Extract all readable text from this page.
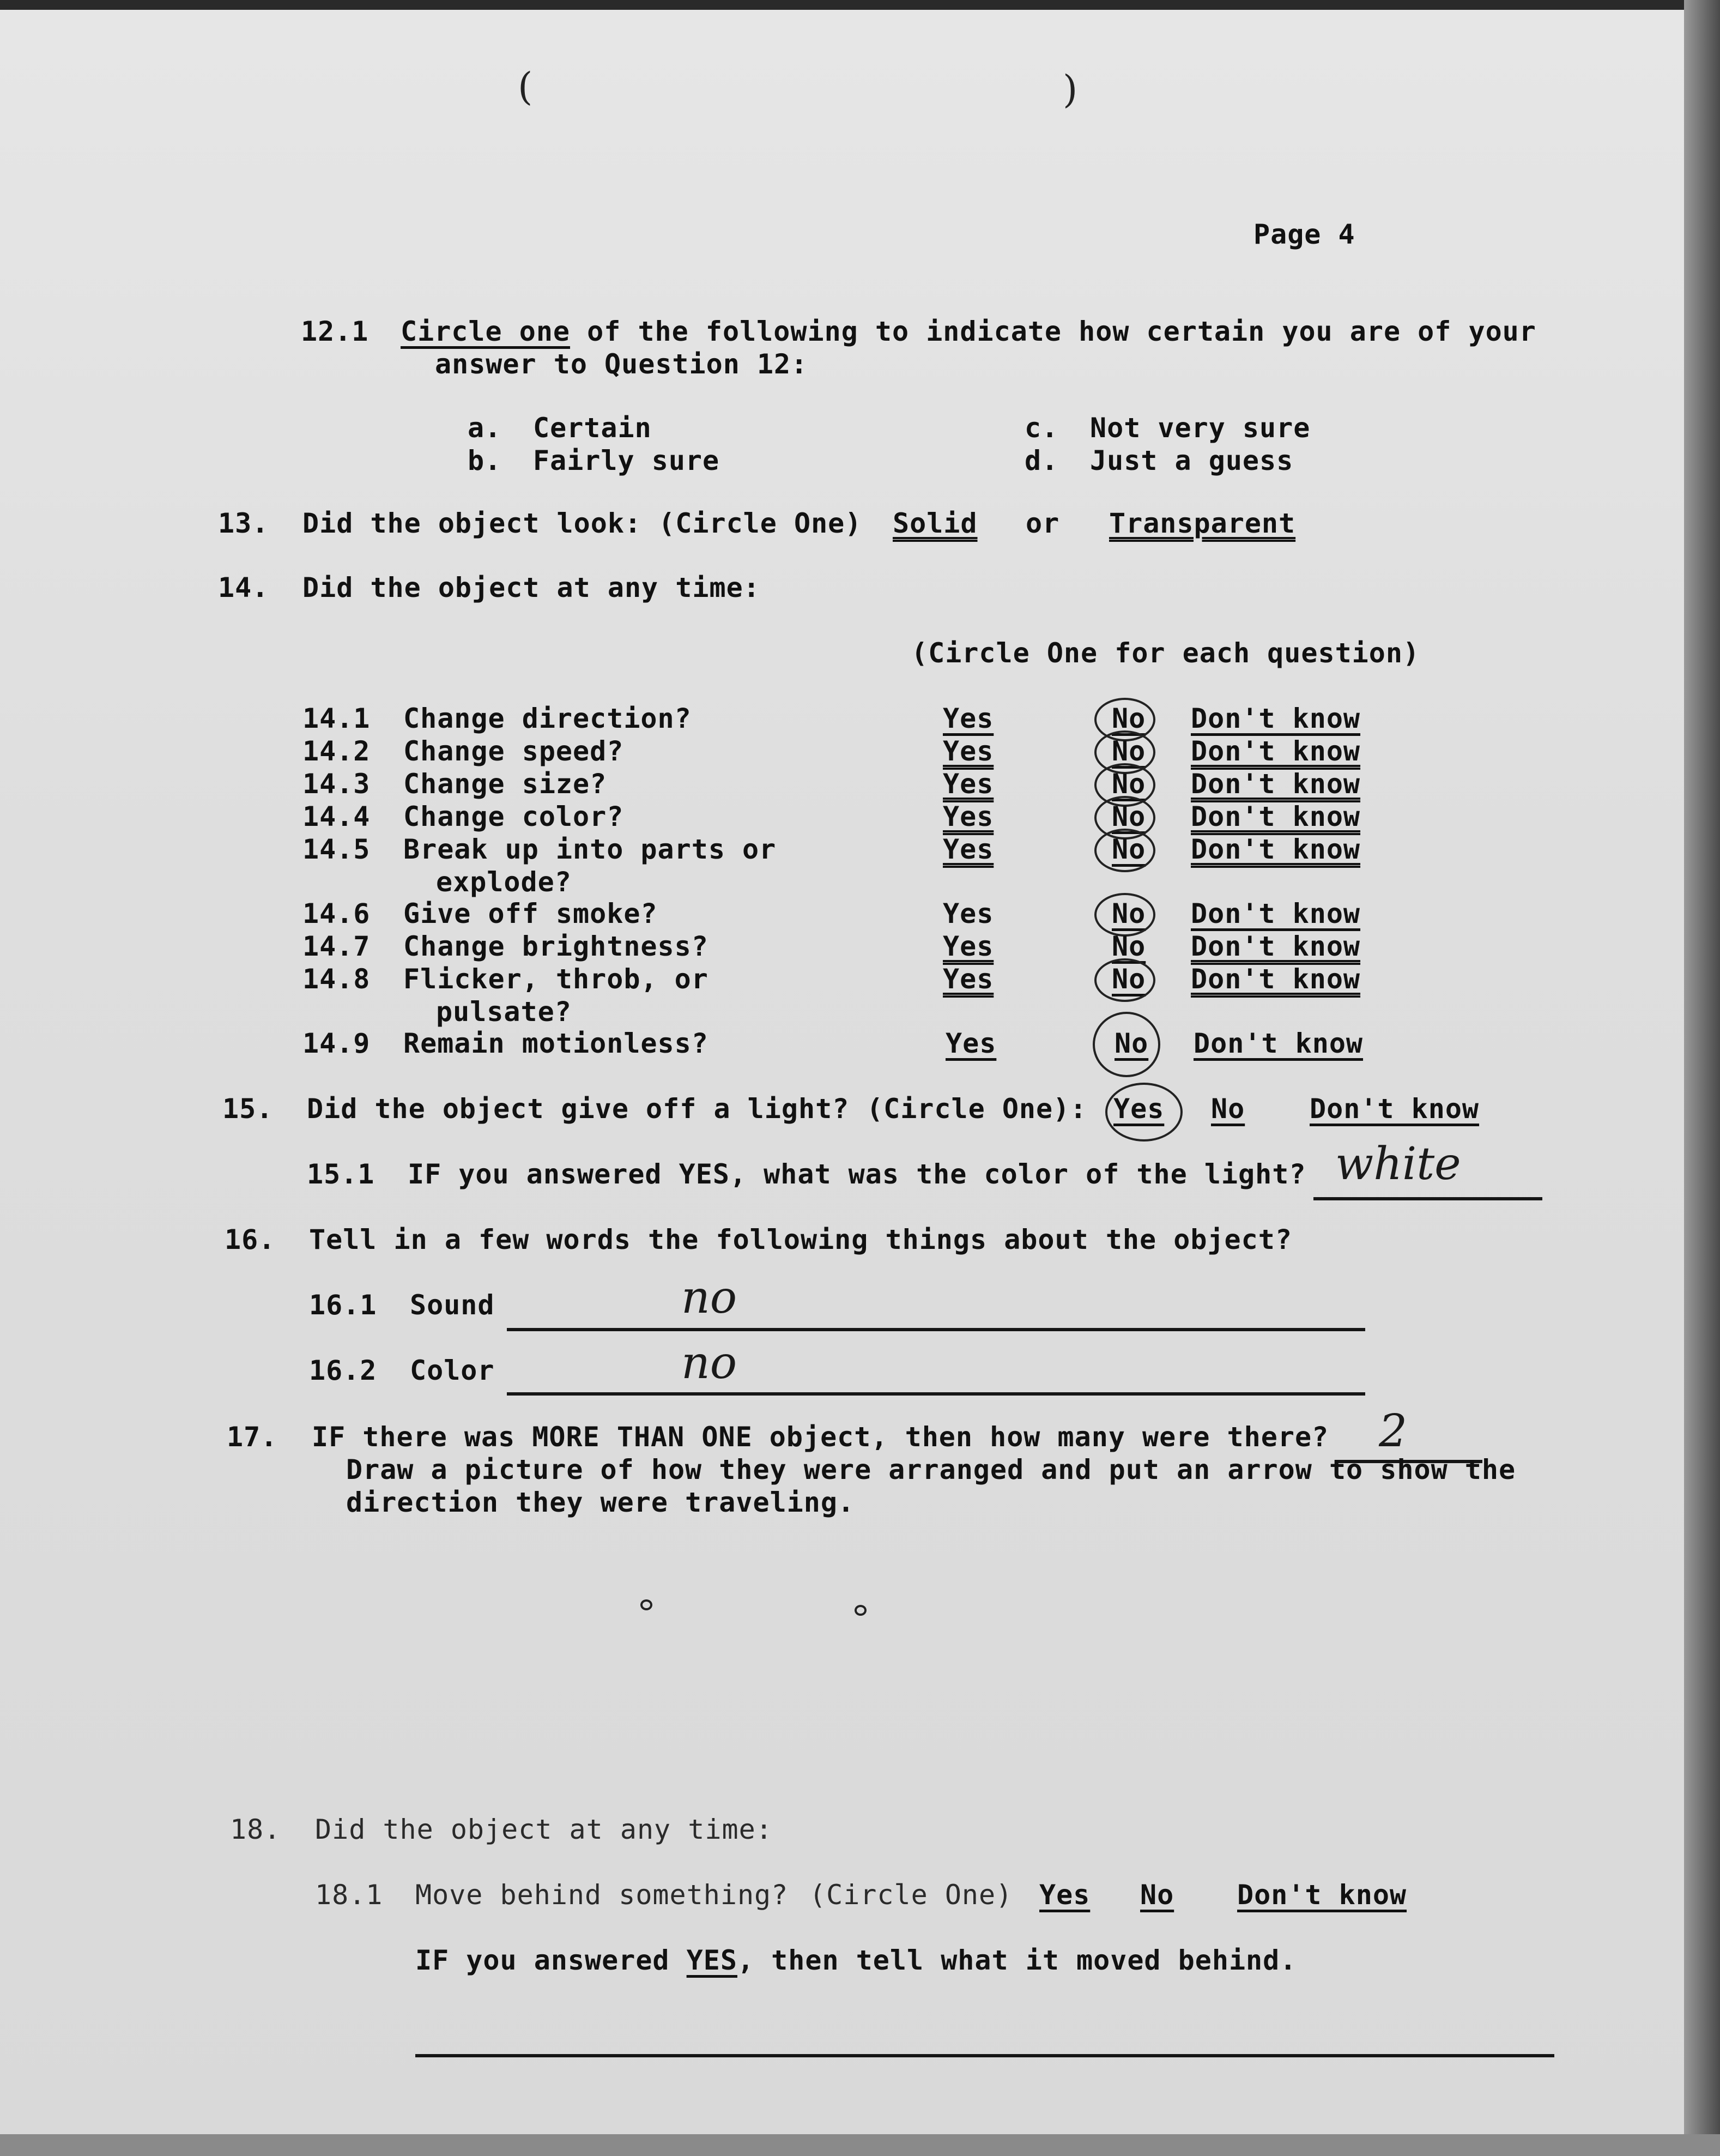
(	)
Page 4
12.1 Circle one of the following to indicate how certain you are of your
answer to Question 12:
a. Certain
b. Fairly sure
c. Not very sure
d. Just a guess
13. Did the object look: (Circle One) Solid or Transparent
14. Did the object at any time:
(Circle One for each question)
14.1 Change direction?	Yes	No Don't know
14.2 Change speed?	Yes	No Don't know
14.3 Change size?	Yes	No Don't know
14.4 Change color?	Yes	No Don't know
14.5 Break up into parts or
explode?
Yes	No Don't know
14.6 Give off smoke?	Yes	No Don't know
14.7 Change brightness?	Yes	No Don't know
14.8 Flicker, throb, or
pulsate?
Yes	No Don't know
14.9 Remain motionless?	Yes	No Don't know
15. Did the object give off a light? (Circle One): Yes No Don't know
15.1 IF you answered YES, what was the color of the light? white
16. Tell in a few words the following things about the object?
16.1 Sound	no
16.2 Color	no
17. IF there was MORE THAN ONE object, then how many were there? 2
Draw a picture of how they were arranged and put an arrow to show the
direction they were traveling.
18. Did the object at any time:
18.1 Move behind something? (Circle One) Yes No Don't know
IF you answered YES, then tell what it moved behind.
